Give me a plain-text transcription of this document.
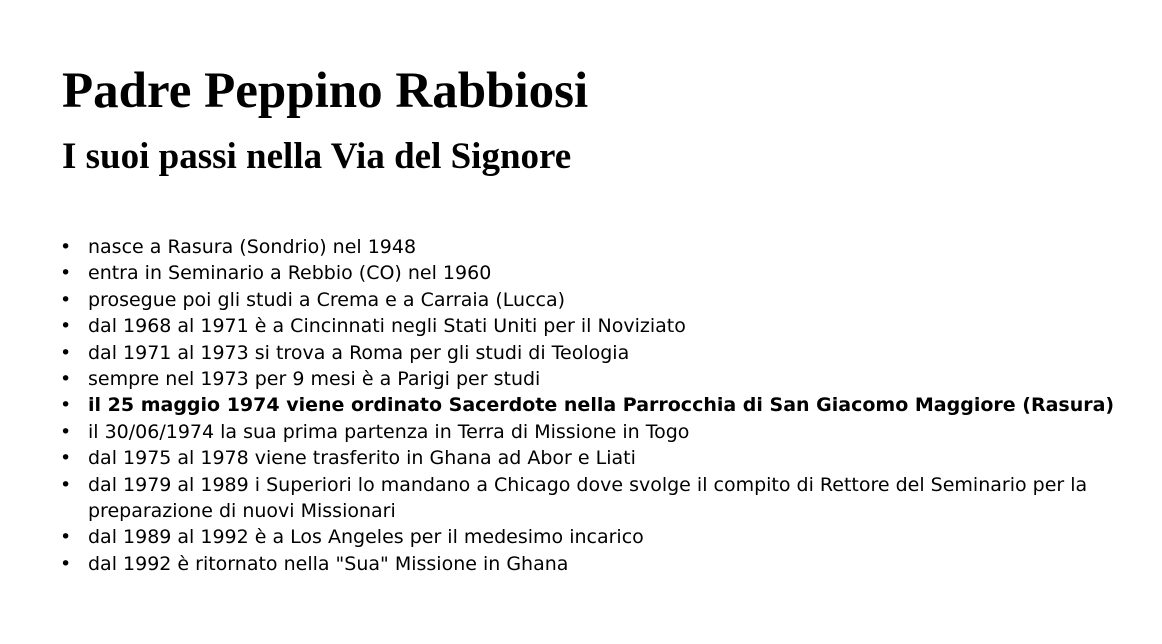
Padre Peppino Rabbiosi
I suoi passi nella Via del Signore
• nasce a Rasura (Sondrio) nel 1948
• entra in Seminario a Rebbio (CO) nel 1960
• prosegue poi gli studi a Crema e a Carraia (Lucca)
• dal 1968 al 1971 è a Cincinnati negli Stati Uniti per il Noviziato
• dal 1971 al 1973 si trova a Roma per gli studi di Teologia
• sempre nel 1973 per 9 mesi è a Parigi per studi
• il 25 maggio 1974 viene ordinato Sacerdote nella Parrocchia di San Giacomo Maggiore (Rasura)
• il 30/06/1974 la sua prima partenza in Terra di Missione in Togo
• dal 1975 al 1978 viene trasferito in Ghana ad Abor e Liati
• dal 1979 al 1989 i Superiori lo mandano a Chicago dove svolge il compito di Rettore del Seminario per la preparazione di nuovi Missionari
• dal 1989 al 1992 è a Los Angeles per il medesimo incarico
• dal 1992 è ritornato nella "Sua" Missione in Ghana
